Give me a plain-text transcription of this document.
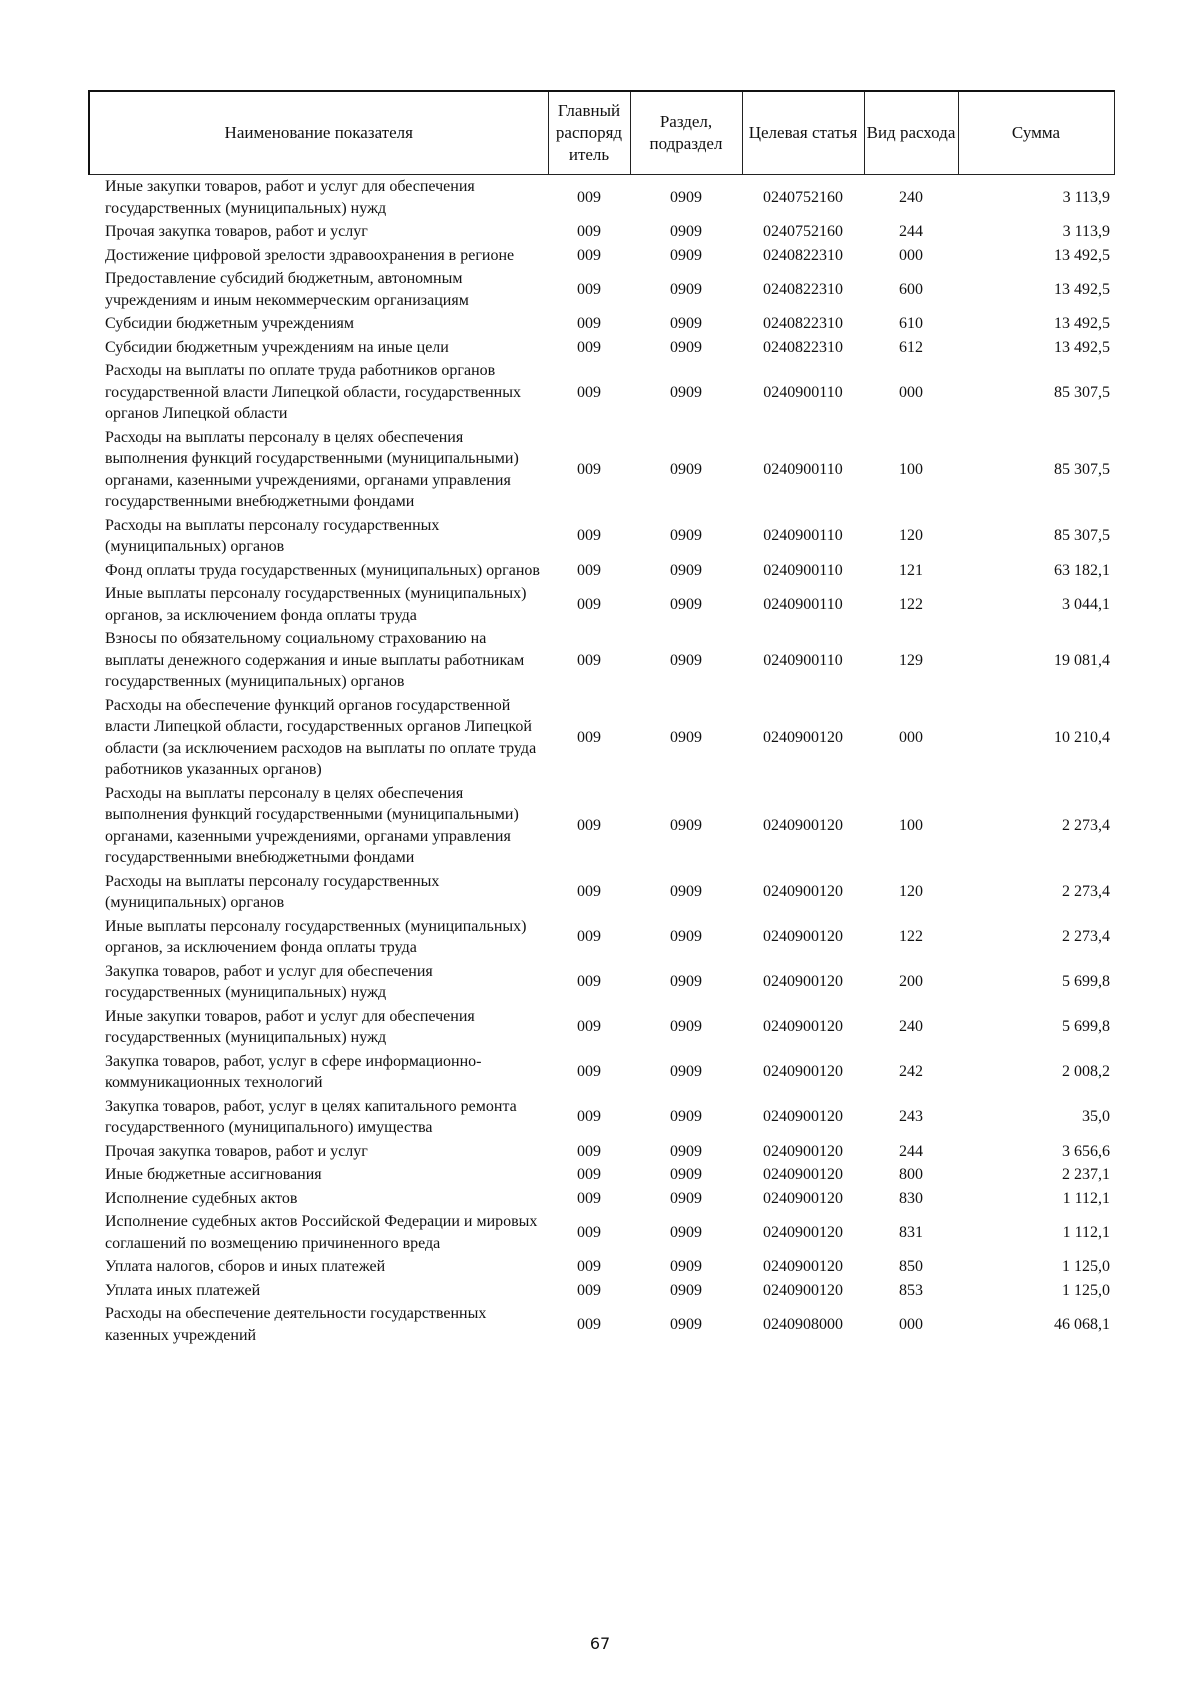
Наименование показателя	Главный распоряд итель	Раздел, подраздел	Целевая статья	Вид расхода	Сумма
Иные закупки товаров, работ и услуг для обеспечения государственных (муниципальных) нужд	009	0909	0240752160	240	3 113,9
Прочая закупка товаров, работ и услуг	009	0909	0240752160	244	3 113,9
Достижение цифровой зрелости здравоохранения в регионе	009	0909	0240822310	000	13 492,5
Предоставление субсидий бюджетным, автономным учреждениям и иным некоммерческим организациям	009	0909	0240822310	600	13 492,5
Субсидии бюджетным учреждениям	009	0909	0240822310	610	13 492,5
Субсидии бюджетным учреждениям на иные цели	009	0909	0240822310	612	13 492,5
Расходы на выплаты по оплате труда работников органов государственной власти Липецкой области, государственных органов Липецкой области	009	0909	0240900110	000	85 307,5
Расходы на выплаты персоналу в целях обеспечения выполнения функций государственными (муниципальными) органами, казенными учреждениями, органами управления государственными внебюджетными фондами	009	0909	0240900110	100	85 307,5
Расходы на выплаты персоналу государственных (муниципальных) органов	009	0909	0240900110	120	85 307,5
Фонд оплаты труда государственных (муниципальных) органов	009	0909	0240900110	121	63 182,1
Иные выплаты персоналу государственных (муниципальных) органов, за исключением фонда оплаты труда	009	0909	0240900110	122	3 044,1
Взносы по обязательному социальному страхованию на выплаты денежного содержания и иные выплаты работникам государственных (муниципальных) органов	009	0909	0240900110	129	19 081,4
Расходы на обеспечение функций органов государственной власти Липецкой области, государственных органов Липецкой области (за исключением расходов на выплаты по оплате труда работников указанных органов)	009	0909	0240900120	000	10 210,4
Расходы на выплаты персоналу в целях обеспечения выполнения функций государственными (муниципальными) органами, казенными учреждениями, органами управления государственными внебюджетными фондами	009	0909	0240900120	100	2 273,4
Расходы на выплаты персоналу государственных (муниципальных) органов	009	0909	0240900120	120	2 273,4
Иные выплаты персоналу государственных (муниципальных) органов, за исключением фонда оплаты труда	009	0909	0240900120	122	2 273,4
Закупка товаров, работ и услуг для обеспечения государственных (муниципальных) нужд	009	0909	0240900120	200	5 699,8
Иные закупки товаров, работ и услуг для обеспечения государственных (муниципальных) нужд	009	0909	0240900120	240	5 699,8
Закупка товаров, работ, услуг в сфере информационно-коммуникационных технологий	009	0909	0240900120	242	2 008,2
Закупка товаров, работ, услуг в целях капитального ремонта государственного (муниципального) имущества	009	0909	0240900120	243	35,0
Прочая закупка товаров, работ и услуг	009	0909	0240900120	244	3 656,6
Иные бюджетные ассигнования	009	0909	0240900120	800	2 237,1
Исполнение судебных актов	009	0909	0240900120	830	1 112,1
Исполнение судебных актов Российской Федерации и мировых соглашений по возмещению причиненного вреда	009	0909	0240900120	831	1 112,1
Уплата налогов, сборов и иных платежей	009	0909	0240900120	850	1 125,0
Уплата иных платежей	009	0909	0240900120	853	1 125,0
Расходы на обеспечение деятельности государственных казенных учреждений	009	0909	0240908000	000	46 068,1
67
